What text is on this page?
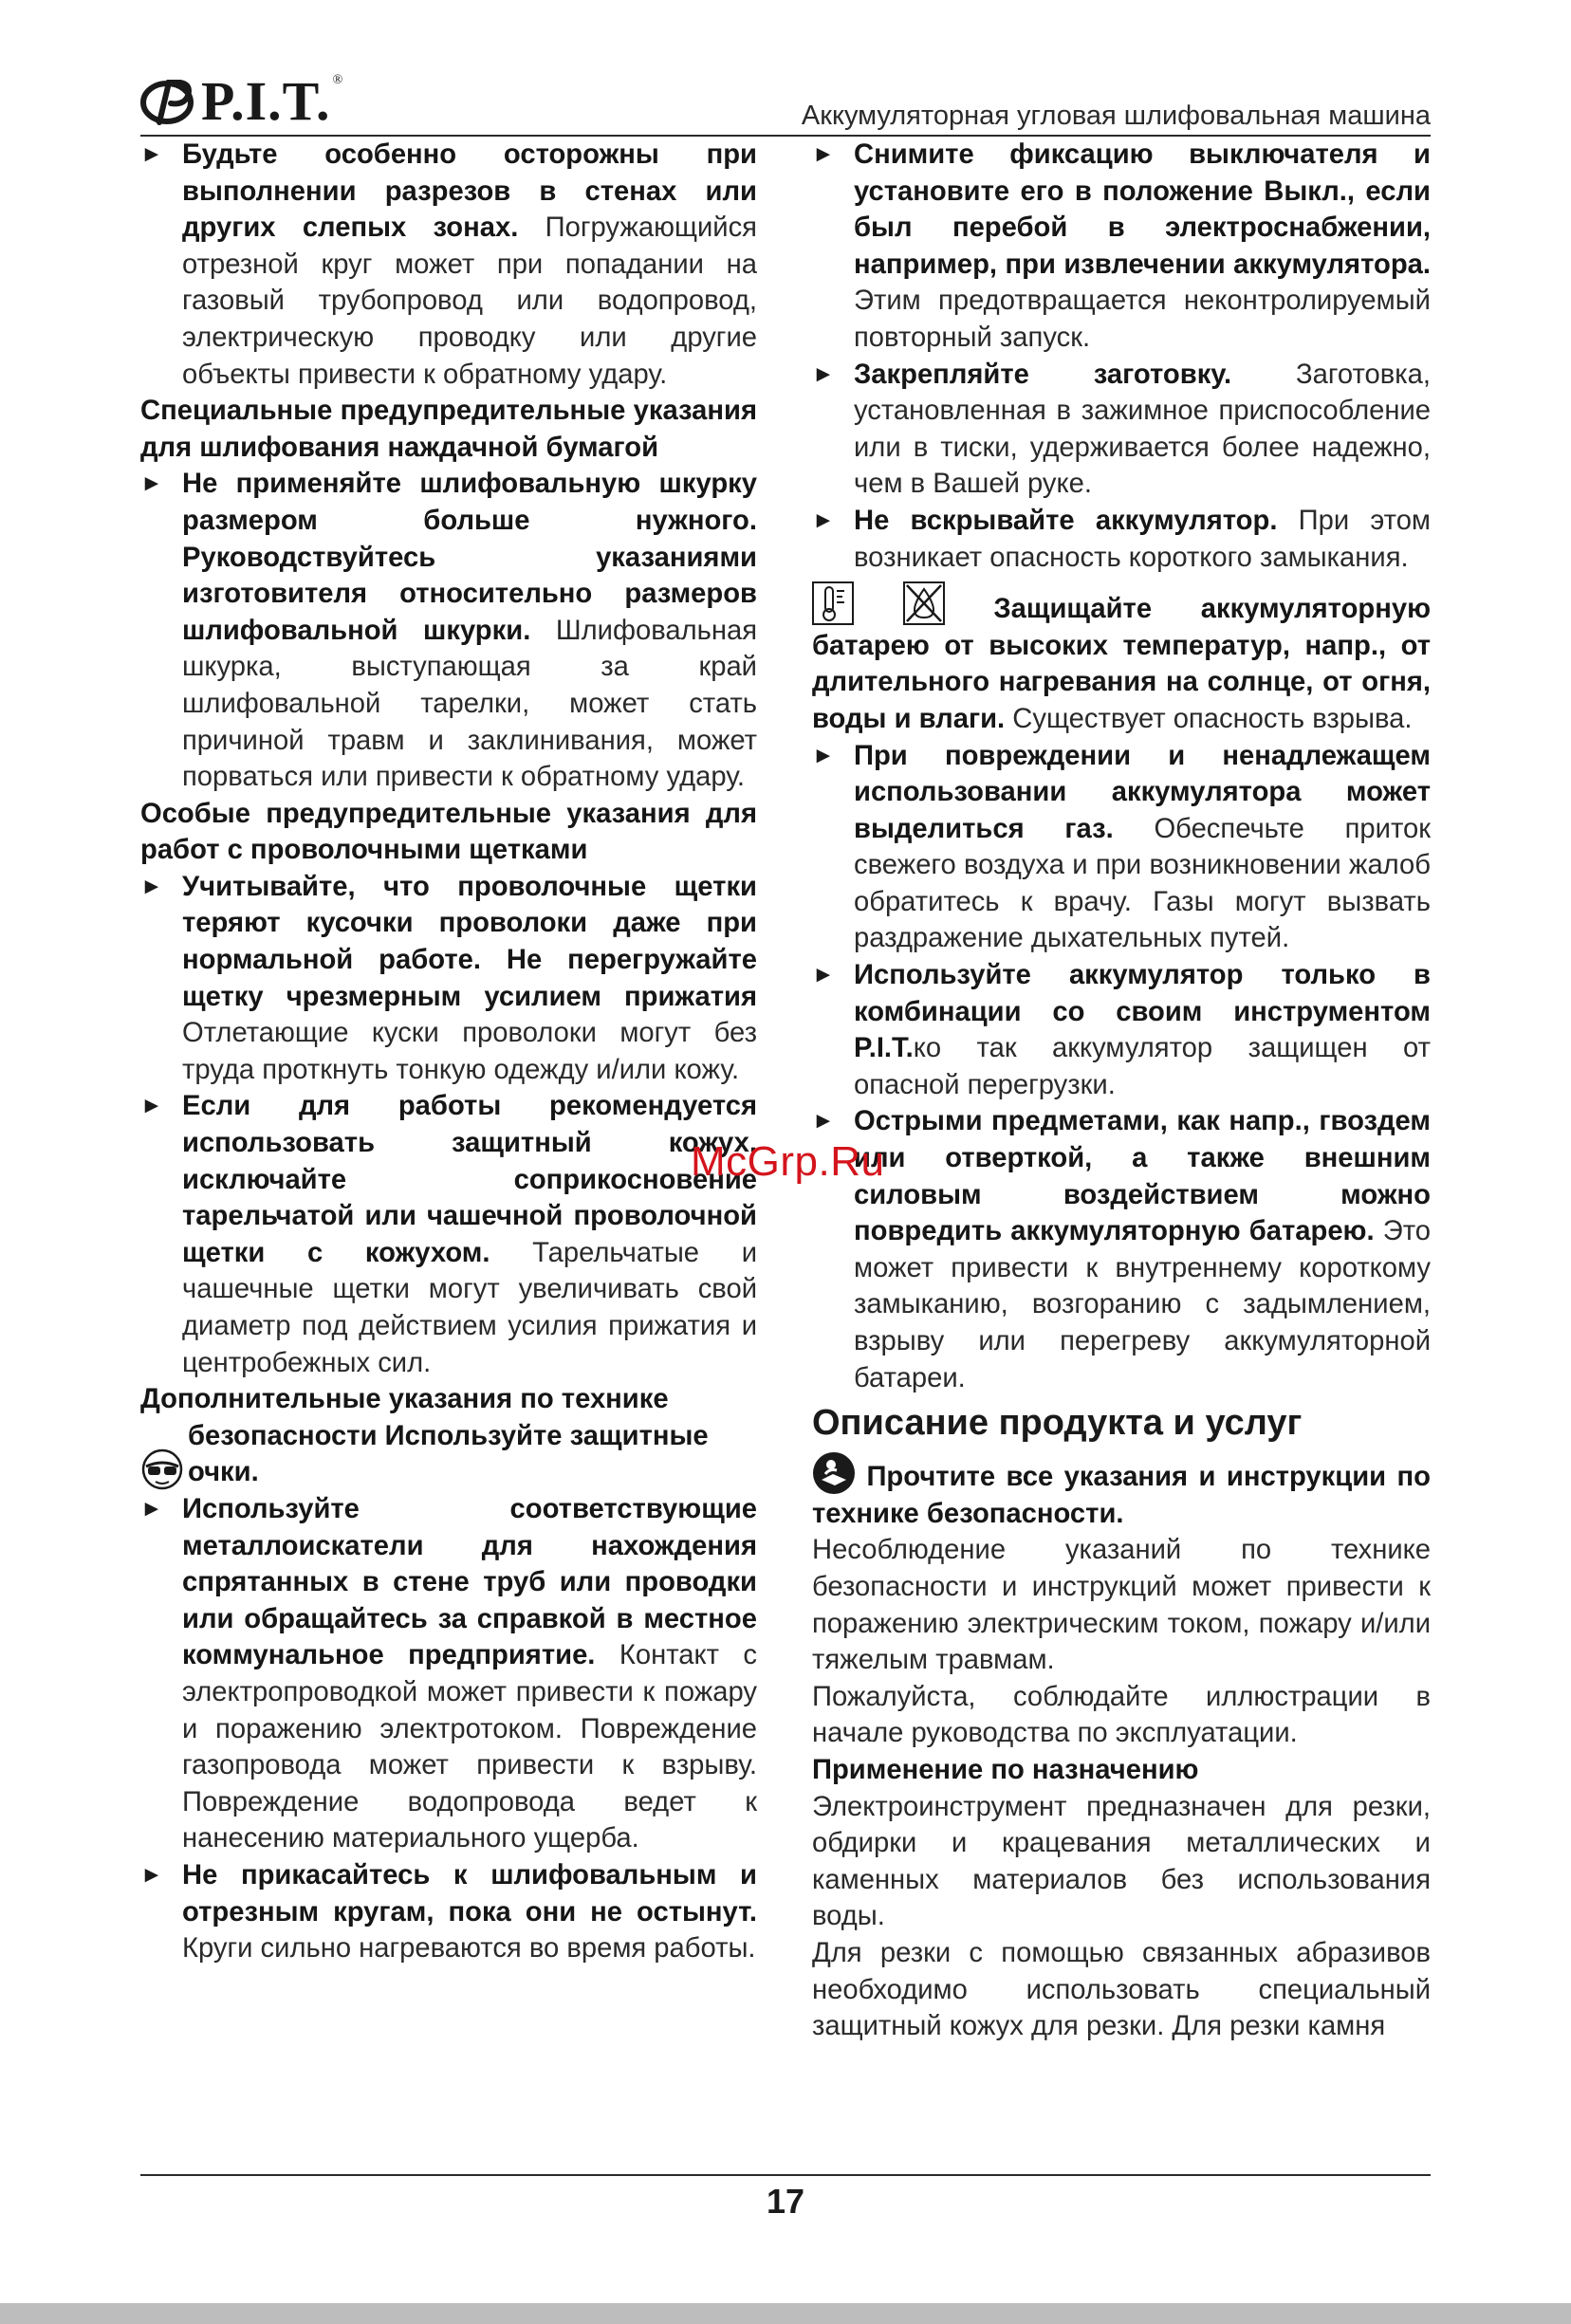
P.I.T. ®
Аккумуляторная угловая шлифовальная машина

► Будьте особенно осторожны при выполнении разрезов в стенах или других слепых зонах. Погружающийся отрезной круг может при попадании на газовый трубопровод или водопровод, электрическую проводку или другие объекты привести к обратному удару.

Специальные предупредительные указания для шлифования наждачной бумагой

► Не применяйте шлифовальную шкурку размером больше нужного. Руководствуйтесь указаниями изготовителя относительно размеров шлифовальной шкурки. Шлифовальная шкурка, выступающая за край шлифовальной тарелки, может стать причиной травм и заклинивания, может порваться или привести к обратному удару.

Особые предупредительные указания для работ с проволочными щетками

► Учитывайте, что проволочные щетки теряют кусочки проволоки даже при нормальной работе. Не перегружайте щетку чрезмерным усилием прижатия Отлетающие куски проволоки могут без труда проткнуть тонкую одежду и/или кожу.

► Если для работы рекомендуется использовать защитный кожух, исключайте соприкосновение тарельчатой или чашечной проволочной щетки с кожухом. Тарельчатые и чашечные щетки могут увеличивать свой диаметр под действием усилия прижатия и центробежных сил.

Дополнительные указания по технике

безопасности Используйте защитные очки.

► Используйте соответствующие металлоискатели для нахождения спрятанных в стене труб или проводки или обращайтесь за справкой в местное коммунальное предприятие. Контакт с электропроводкой может привести к пожару и поражению электротоком. Повреждение газопровода может привести к взрыву. Повреждение водопровода ведет к нанесению материального ущерба.

► Не прикасайтесь к шлифовальным и отрезным кругам, пока они не остынут. Круги сильно нагреваются во время работы.

► Снимите фиксацию выключателя и установите его в положение Выкл., если был перебой в электроснабжении, например, при извлечении аккумулятора. Этим предотвращается неконтролируемый повторный запуск.

► Закрепляйте заготовку. Заготовка, установленная в зажимное приспособление или в тиски, удерживается более надежно, чем в Вашей руке.

► Не вскрывайте аккумулятор. При этом возникает опасность короткого замыкания.

Защищайте аккумуляторную батарею от высоких температур, напр., от длительного нагревания на солнце, от огня, воды и влаги. Существует опасность взрыва.

► При повреждении и ненадлежащем использовании аккумулятора может выделиться газ. Обеспечьте приток свежего воздуха и при возникновении жалоб обратитесь к врачу. Газы могут вызвать раздражение дыхательных путей.

► Используйте аккумулятор только в комбинации со своим инструментом P.I.T.ко так аккумулятор защищен от опасной перегрузки.

► Острыми предметами, как напр., гвоздем или отверткой, а также внешним силовым воздействием можно повредить аккумуляторную батарею. Это может привести к внутреннему короткому замыканию, возгоранию с задымлением, взрыву или перегреву аккумуляторной батареи.

Описание продукта и услуг

Прочтите все указания и инструкции по технике безопасности.

Несоблюдение указаний по технике безопасности и инструкций может привести к поражению электрическим током, пожару и/или тяжелым травмам.

Пожалуйста, соблюдайте иллюстрации в начале руководства по эксплуатации.

Применение по назначению

Электроинструмент предназначен для резки, обдирки и крацевания металлических и каменных материалов без использования воды.

Для резки с помощью связанных абразивов необходимо использовать специальный защитный кожух для резки. Для резки камня

McGrp.Ru
17
